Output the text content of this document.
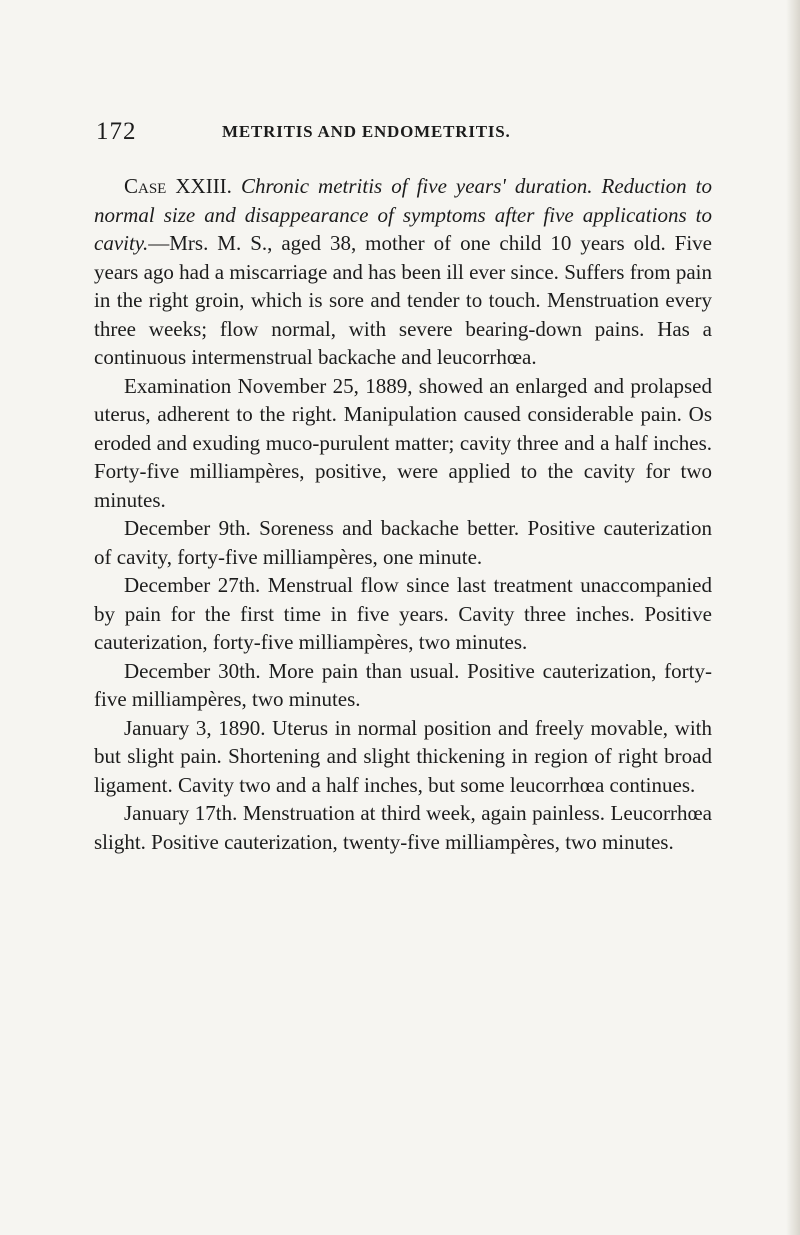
172	METRITIS AND ENDOMETRITIS.

Case XXIII. Chronic metritis of five years' duration. Reduction to normal size and disappearance of symptoms after five applications to cavity.—Mrs. M. S., aged 38, mother of one child 10 years old. Five years ago had a miscarriage and has been ill ever since. Suffers from pain in the right groin, which is sore and tender to touch. Menstruation every three weeks; flow normal, with severe bearing-down pains. Has a continuous intermenstrual backache and leucorrhœa.

Examination November 25, 1889, showed an enlarged and prolapsed uterus, adherent to the right. Manipulation caused considerable pain. Os eroded and exuding muco-purulent matter; cavity three and a half inches. Forty-five milliampères, positive, were applied to the cavity for two minutes.

December 9th. Soreness and backache better. Positive cauterization of cavity, forty-five milliampères, one minute.

December 27th. Menstrual flow since last treatment unaccompanied by pain for the first time in five years. Cavity three inches. Positive cauterization, forty-five milliampères, two minutes.

December 30th. More pain than usual. Positive cauterization, forty-five milliampères, two minutes.

January 3, 1890. Uterus in normal position and freely movable, with but slight pain. Shortening and slight thickening in region of right broad ligament. Cavity two and a half inches, but some leucorrhœa continues.

January 17th. Menstruation at third week, again painless. Leucorrhœa slight. Positive cauterization, twenty-five milliampères, two minutes.
